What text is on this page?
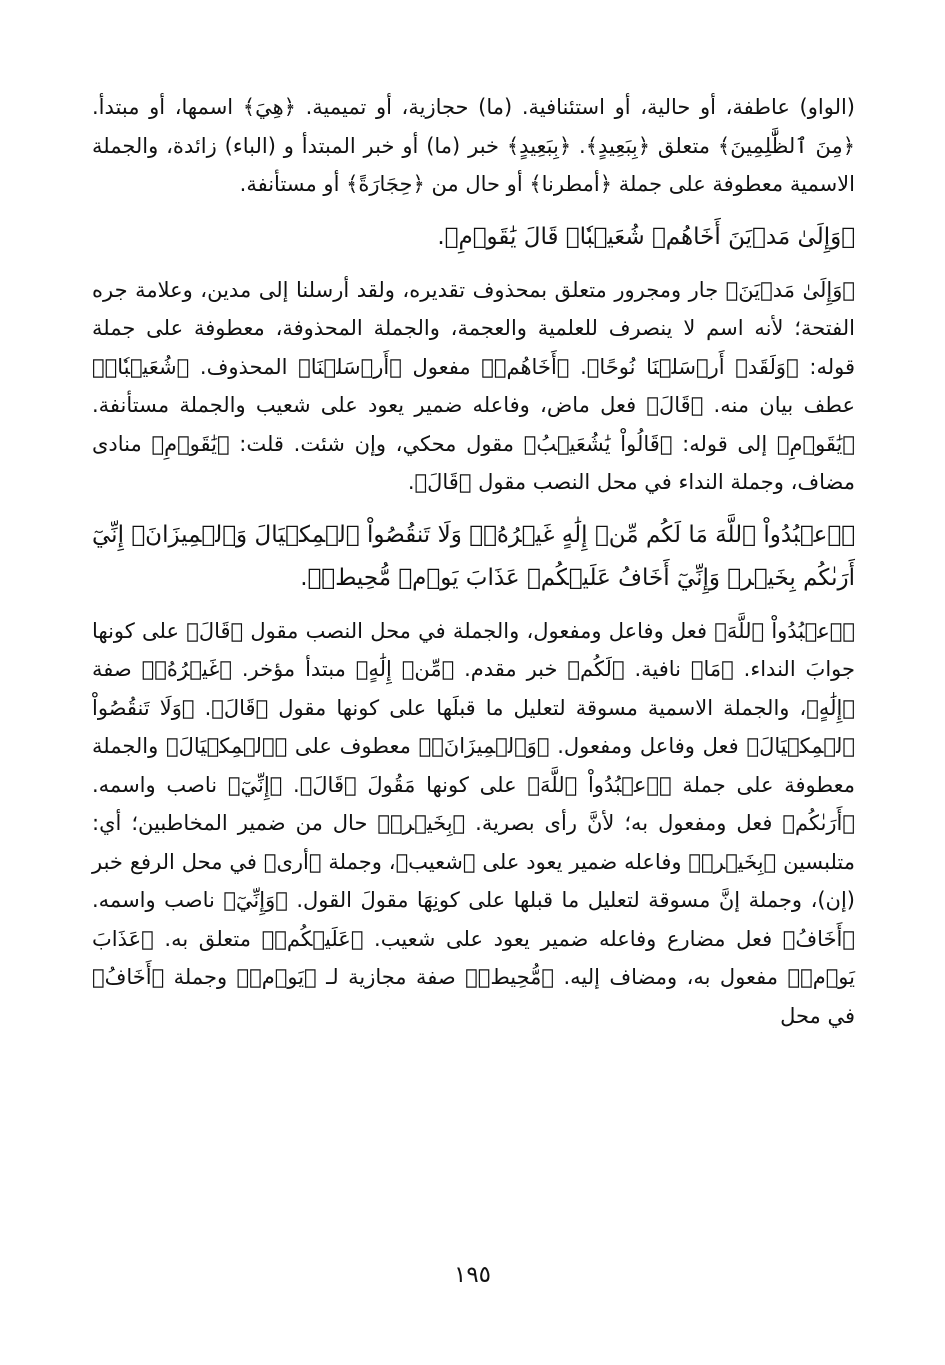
(الواو) عاطفة، أو حالية، أو استئنافية. (ما) حجازية، أو تميمية. ﴿هِيَ﴾ اسمها، أو مبتدأ. ﴿مِنَ ٱلظَّٰلِمِينَ﴾ متعلق ﴿بِبَعِيدٍ﴾. ﴿بِبَعِيدٍ﴾ خبر (ما) أو خبر المبتدأ و (الباء) زائدة، والجملة الاسمية معطوفة على جملة ﴿أمطرنا﴾ أو حال من ﴿حِجَارَةً﴾ أو مستأنفة.

﴿وَإِلَىٰ مَدۡيَنَ أَخَاهُمۡ شُعَيۡبٗاۚ قَالَ يَٰقَوۡمِ﴾.

﴿وَإِلَىٰ مَدۡيَنَ﴾ جار ومجرور متعلق بمحذوف تقديره، ولقد أرسلنا إلى مدين، وعلامة جره الفتحة؛ لأنه اسم لا ينصرف للعلمية والعجمة، والجملة المحذوفة، معطوفة على جملة قوله: ﴿وَلَقَدۡ أَرۡسَلۡنَا نُوحًا﴾. ﴿أَخَاهُمۡ﴾ مفعول ﴿أَرۡسَلۡنَا﴾ المحذوف. ﴿شُعَيۡبٗاۚ﴾ عطف بيان منه. ﴿قَالَ﴾ فعل ماض، وفاعله ضمير يعود على شعيب والجملة مستأنفة. ﴿يَٰقَوۡمِ﴾ إلى قوله: ﴿قَالُواْ يَٰشُعَيۡبُ﴾ مقول محكي، وإن شئت. قلت: ﴿يَٰقَوۡمِ﴾ منادى مضاف، وجملة النداء في محل النصب مقول ﴿قَالَ﴾.

﴿ٱعۡبُدُواْ ٱللَّهَ مَا لَكُم مِّنۡ إِلَٰهٍ غَيۡرُهُۥۖ وَلَا تَنقُصُواْ ٱلۡمِكۡيَالَ وَٱلۡمِيزَانَۖ إِنِّيٓ أَرَىٰكُم بِخَيۡرٖ وَإِنِّيٓ أَخَافُ عَلَيۡكُمۡ عَذَابَ يَوۡمٖ مُّحِيطٖ﴾.

﴿ٱعۡبُدُواْ ٱللَّهَ﴾ فعل وفاعل ومفعول، والجملة في محل النصب مقول ﴿قَالَ﴾ على كونها جوابَ النداء. ﴿مَا﴾ نافية. ﴿لَكُم﴾ خبر مقدم. ﴿مِّنۡ إِلَٰهٍ﴾ مبتدأ مؤخر. ﴿غَيۡرُهُۥ﴾ صفة ﴿إِلَٰهٍ﴾، والجملة الاسمية مسوقة لتعليل ما قبلَها على كونها مقول ﴿قَالَ﴾. ﴿وَلَا تَنقُصُواْ ٱلۡمِكۡيَالَ﴾ فعل وفاعل ومفعول. ﴿وَٱلۡمِيزَانَۖ﴾ معطوف على ﴿ٱلۡمِكۡيَالَ﴾ والجملة معطوفة على جملة ﴿ٱعۡبُدُواْ ٱللَّهَ﴾ على كونها مَقُولَ ﴿قَالَ﴾. ﴿إِنِّيٓ﴾ ناصب واسمه. ﴿أَرَىٰكُم﴾ فعل ومفعول به؛ لأنَّ رأى بصرية. ﴿بِخَيۡرٖ﴾ حال من ضمير المخاطبين؛ أي: متلبسين ﴿بِخَيۡرٖ﴾ وفاعله ضمير يعود على ﴿شعيب﴾، وجملة ﴿أرى﴾ في محل الرفع خبر (إن)، وجملة إنَّ مسوقة لتعليل ما قبلها على كونِهَا مقولَ القول. ﴿وَإِنِّيٓ﴾ ناصب واسمه. ﴿أَخَافُ﴾ فعل مضارع وفاعله ضمير يعود على شعيب. ﴿عَلَيۡكُمۡ﴾ متعلق به. ﴿عَذَابَ يَوۡمٖ﴾ مفعول به، ومضاف إليه. ﴿مُّحِيطٖ﴾ صفة مجازية لـ ﴿يَوۡمٖ﴾ وجملة ﴿أَخَافُ﴾ في محل

١٩٥
